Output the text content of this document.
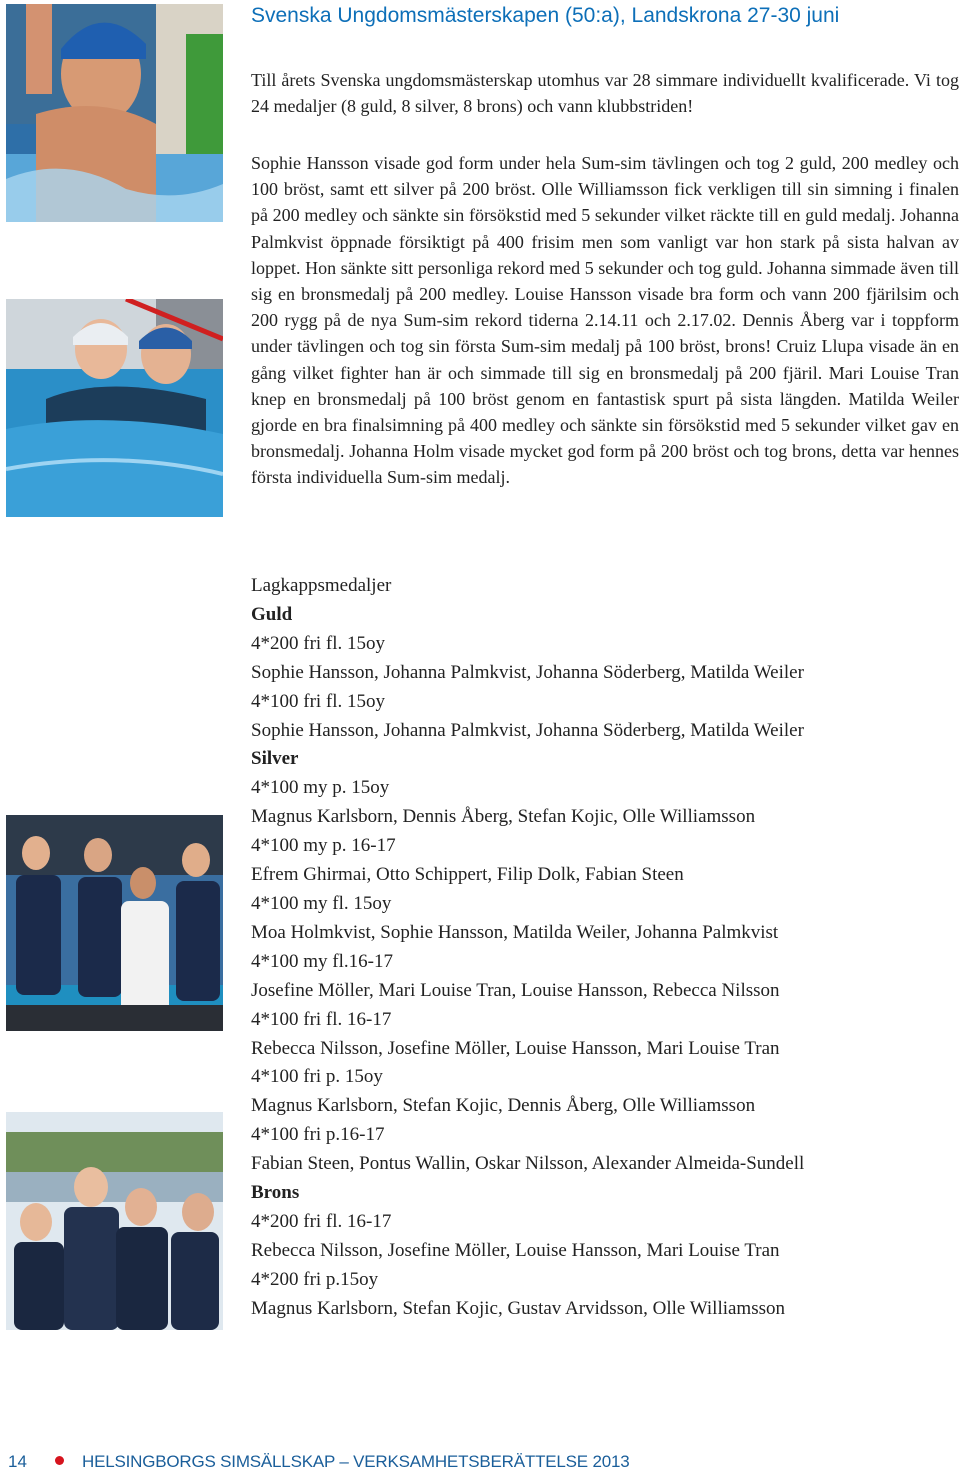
Svenska Ungdomsmästerskapen (50:a), Landskrona 27-30 juni

Till årets Svenska ungdomsmästerskap utomhus var 28 simmare individuellt kvalificerade. Vi tog 24 medaljer (8 guld, 8 silver, 8 brons) och vann klubbstriden!

Sophie Hansson visade god form under hela Sum-sim tävlingen och tog 2 guld, 200 medley och 100 bröst, samt ett silver på 200 bröst. Olle Williamsson fick verkligen till sin simning i finalen på 200 medley och sänkte sin försökstid med 5 sekunder vilket räckte till en guld medalj. Johanna Palmkvist öppnade försiktigt på 400 frisim men som vanligt var hon stark på sista halvan av loppet. Hon sänkte sitt personliga rekord med 5 sekunder och tog guld. Johanna simmade även till sig en bronsmedalj på 200 medley. Louise Hansson visade bra form och vann 200 fjärilsim och 200 rygg på de nya Sum-sim rekord tiderna 2.14.11 och 2.17.02. Dennis Åberg var i toppform under tävlingen och tog sin första Sum-sim medalj på 100 bröst, brons! Cruiz Llupa visade än en gång vilket fighter han är och simmade till sig en bronsmedalj på 200 fjäril. Mari Louise Tran knep en bronsmedalj på 100 bröst genom en fantastisk spurt på sista längden. Matilda Weiler gjorde en bra finalsimning på 400 medley och sänkte sin försökstid med 5 sekunder vilket gav en bronsmedalj. Johanna Holm visade mycket god form på 200 bröst och tog brons, detta var hennes första individuella Sum-sim medalj.

Lagkappsmedaljer
Guld
4*200 fri fl. 15oy
Sophie Hansson, Johanna Palmkvist, Johanna Söderberg, Matilda Weiler
4*100 fri fl. 15oy
Sophie Hansson, Johanna Palmkvist, Johanna Söderberg, Matilda Weiler
Silver
4*100 my p. 15oy
Magnus Karlsborn, Dennis Åberg, Stefan Kojic, Olle Williamsson
4*100 my p. 16-17
Efrem Ghirmai, Otto Schippert, Filip Dolk, Fabian Steen
4*100 my fl. 15oy
Moa Holmkvist, Sophie Hansson, Matilda Weiler, Johanna Palmkvist
4*100 my fl.16-17
Josefine Möller, Mari Louise Tran, Louise Hansson, Rebecca Nilsson
4*100 fri fl. 16-17
Rebecca Nilsson, Josefine Möller, Louise Hansson, Mari Louise Tran
4*100 fri p. 15oy
Magnus Karlsborn, Stefan Kojic, Dennis Åberg, Olle Williamsson
4*100 fri p.16-17
Fabian Steen, Pontus Wallin, Oskar Nilsson, Alexander Almeida-Sundell
Brons
4*200 fri fl. 16-17
Rebecca Nilsson, Josefine Möller, Louise Hansson, Mari Louise Tran
4*200 fri p.15oy
Magnus Karlsborn, Stefan Kojic, Gustav Arvidsson, Olle Williamsson
14	HELSINGBORGS SIMSÄLLSKAP – VERKSAMHETSBERÄTTELSE 2013
